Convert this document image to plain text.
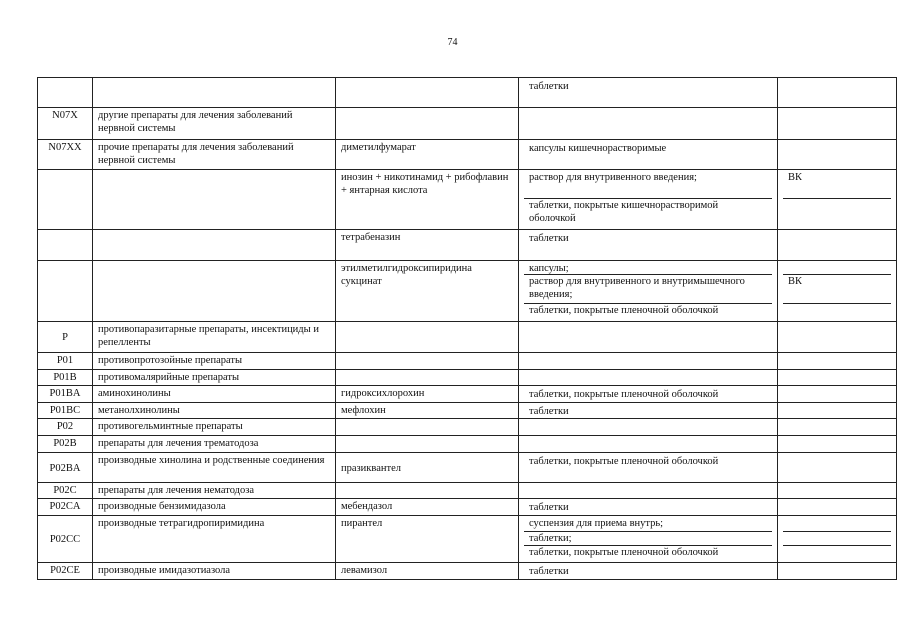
74

			таблетки	

N07X	другие препараты для лечения заболеваний нервной системы		

N07XX	прочие препараты для лечения заболеваний нервной системы	диметилфумарат	капсулы кишечнорастворимые	

		инозин + никотинамид + рибофлавин + янтарная кислота	раствор для внутривенного введения;
таблетки, покрытые кишечнорастворимой оболочкой	ВК

		тетрабеназин	таблетки	

		этилметилгидроксипиридина сукцинат	капсулы;
раствор для внутривенного и внутримышечного введения;
таблетки, покрытые пленочной оболочкой	ВК

P	противопаразитарные препараты, инсектициды и репелленты		

P01	противопротозойные препараты		

P01B	противомалярийные препараты		

P01BA	аминохинолины	гидроксихлорохин	таблетки, покрытые пленочной оболочкой	

P01BC	метанолхинолины	мефлохин	таблетки	

P02	противогельминтные препараты		

P02B	препараты для лечения трематодоза		

P02BA	производные хинолина и родственные соединения	празиквантел	таблетки, покрытые пленочной оболочкой	

P02C	препараты для лечения нематодоза		

P02CA	производные бензимидазола	мебендазол	таблетки	

P02CC	производные тетрагидропиримидина	пирантел	суспензия для приема внутрь;
таблетки;
таблетки, покрытые пленочной оболочкой	

P02CE	производные имидазотиазола	левамизол	таблетки	
